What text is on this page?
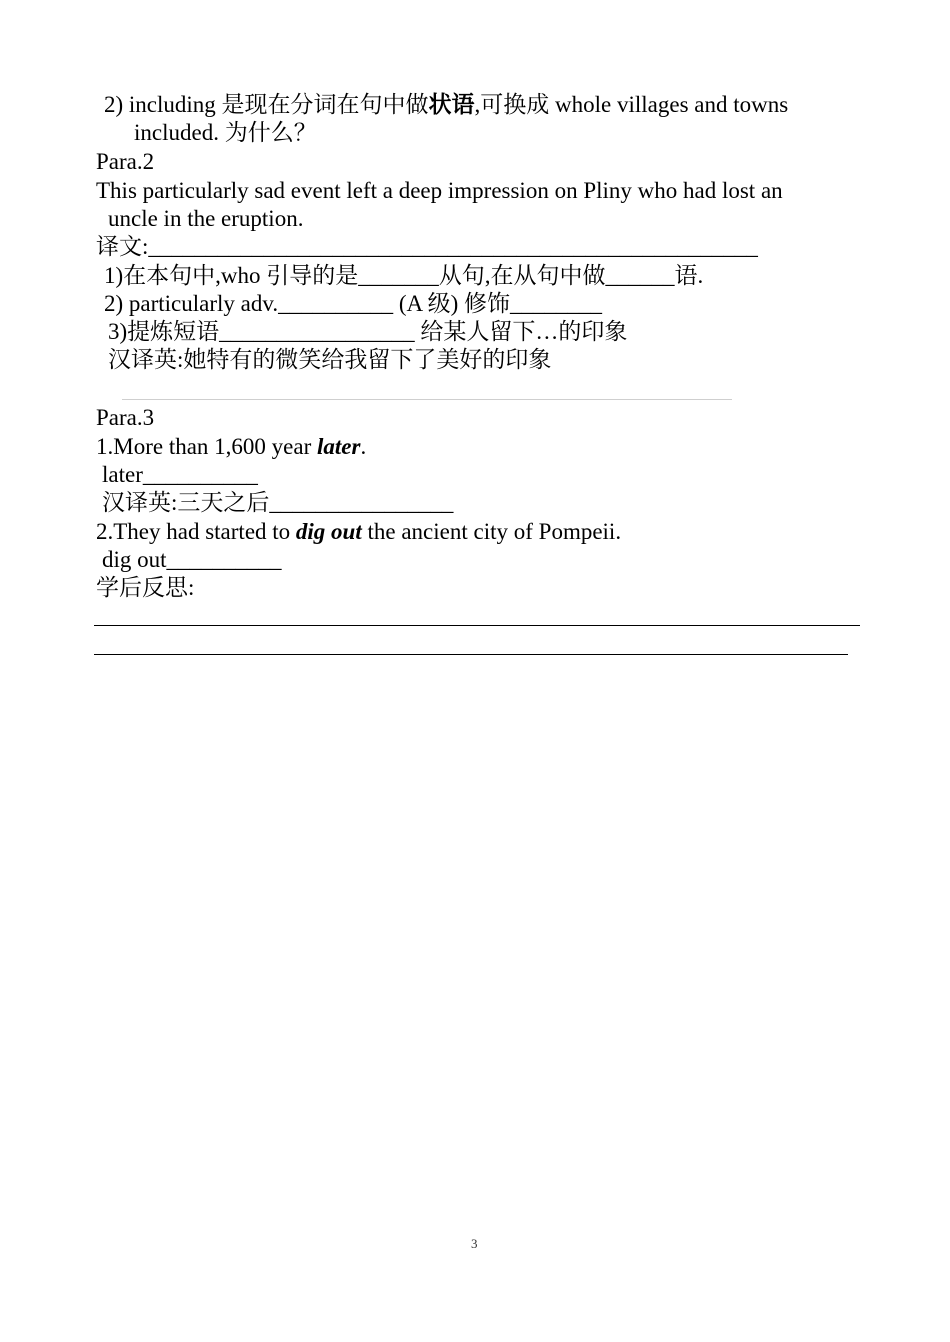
2) including 是现在分词在句中做状语,可换成 whole villages and towns
included. 为什么？
Para.2
This particularly sad event left a deep impression on Pliny who had lost an
uncle in the eruption.
译文:_____________________________________________________
1)在本句中,who 引导的是_______从句,在从句中做______语.
2) particularly adv.__________ (A 级) 修饰________
3)提炼短语_________________ 给某人留下…的印象
汉译英:她特有的微笑给我留下了美好的印象
Para.3
1.More than 1,600 year later.
later__________
汉译英:三天之后________________
2.They had started to dig out the ancient city of Pompeii.
dig out__________
学后反思:
3
